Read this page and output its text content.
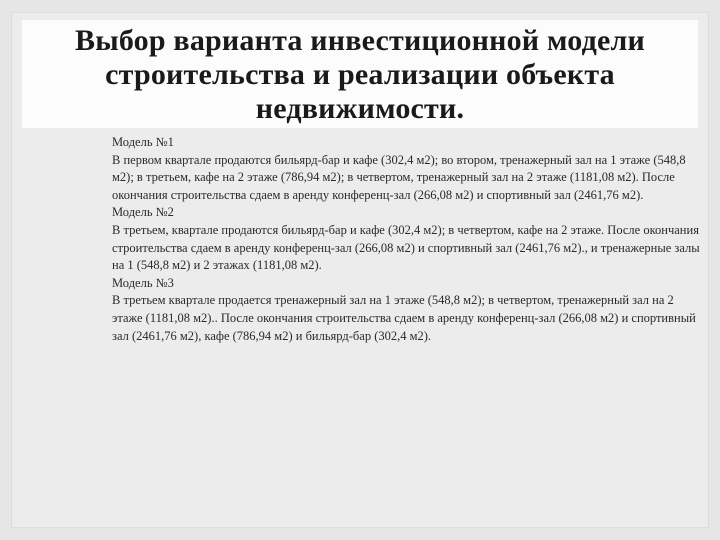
Выбор варианта инвестиционной модели строительства и реализации объекта недвижимости.

Модель №1

В первом квартале продаются бильярд-бар и кафе (302,4 м2); во втором, тренажерный зал на 1 этаже (548,8 м2); в третьем, кафе на 2 этаже (786,94 м2); в четвертом, тренажерный зал на 2 этаже (1181,08 м2). После окончания строительства сдаем в аренду конференц-зал (266,08 м2) и спортивный зал (2461,76 м2).

Модель №2

В третьем, квартале продаются бильярд-бар и кафе (302,4 м2); в четвертом, кафе на 2 этаже. После окончания строительства сдаем в аренду конференц-зал (266,08 м2) и спортивный зал (2461,76 м2)., и тренажерные залы на 1 (548,8 м2) и 2 этажах (1181,08 м2).

Модель №3

В третьем квартале продается тренажерный зал на 1 этаже (548,8 м2); в четвертом, тренажерный зал на 2 этаже (1181,08 м2).. После окончания строительства сдаем в аренду конференц-зал (266,08 м2) и спортивный зал (2461,76 м2), кафе (786,94 м2) и бильярд-бар (302,4 м2).
